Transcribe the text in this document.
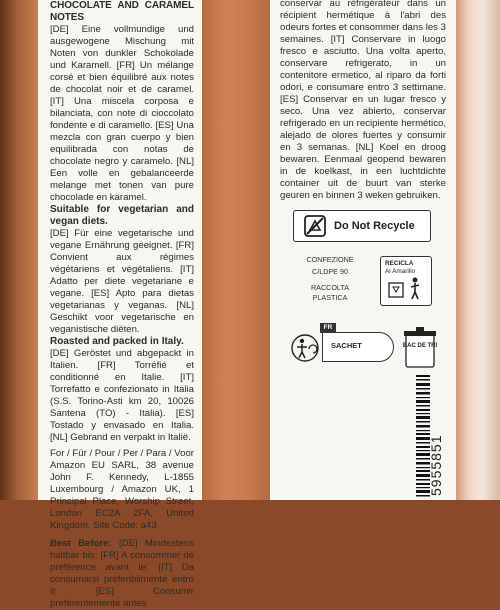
CHOCOLATE AND CARAMEL NOTES

[DE] Eine vollmundige und ausgewogene Mischung mit Noten von dunkler Schokolade und Karamell. [FR] Un mélange corsé et bien équilibré aux notes de chocolat noir et de caramel. [IT] Una miscela corposa e bilanciata, con note di cioccolato fondente e di caramello. [ES] Una mezcla con gran cuerpo y bien equilibrada con notas de chocolate negro y caramelo. [NL] Een volle en gebalanceerde melange met tonen van pure chocolade en karamel.

Suitable for vegetarian and vegan diets.

[DE] Für eine vegetarische und vegane Ernährung geeignet. [FR] Convient aux régimes végétariens et végétaliens. [IT] Adatto per diete vegetariane e vegane. [ES] Apto para dietas vegetarianas y veganas. [NL] Geschikt voor vegetarische en veganistische diëten.

Roasted and packed in Italy.

[DE] Geröstet und abgepackt in Italien. [FR] Torréfié et conditionné en Italie. [IT] Torrefatto e confezionato in Italia (S.S. Torino-Asti km 20, 10026 Santena (TO) - Italia). [ES] Tostado y envasado en Italia. [NL] Gebrand en verpakt in Italië.

For / Für / Pour / Per / Para / Voor Amazon EU SARL, 38 avenue John F. Kennedy, L-1855 Luxembourg / Amazon UK, 1 Principal Place, Worship Street, London EC2A 2FA, United Kingdom. Site Code: a43

Best Before: [DE] Mindestens haltbar bis: [FR] A consommer de préférence avant le: [IT] Da consumarsi preferibilmente entro il: [ES] Consumir preferentemente antes

conservar au réfrigérateur dans un récipient hermétique à l'abri des odeurs fortes et consommer dans les 3 semaines. [IT] Conservare in luogo fresco e asciutto. Una volta aperto, conservare refrigerato, in un contenitore ermetico, al riparo da forti odori, e consumare entro 3 settimane. [ES] Conservar en un lugar fresco y seco. Una vez abierto, conservar refrigerado en un recipiente hermético, alejado de olores fuertes y consumir en 3 semanas. [NL] Koel en droog bewaren. Eenmaal geopend bewaren in de koelkast, in een luchtdichte container uit de buurt van sterke geuren en binnen 3 weken gebruiken.

Do Not Recycle
CONFEZIONE
C/LDPE 90
RACCOLTA
PLASTICA
RECICLA
Al Amarillo
FR
SACHET	BAC DE TRI
5955851
